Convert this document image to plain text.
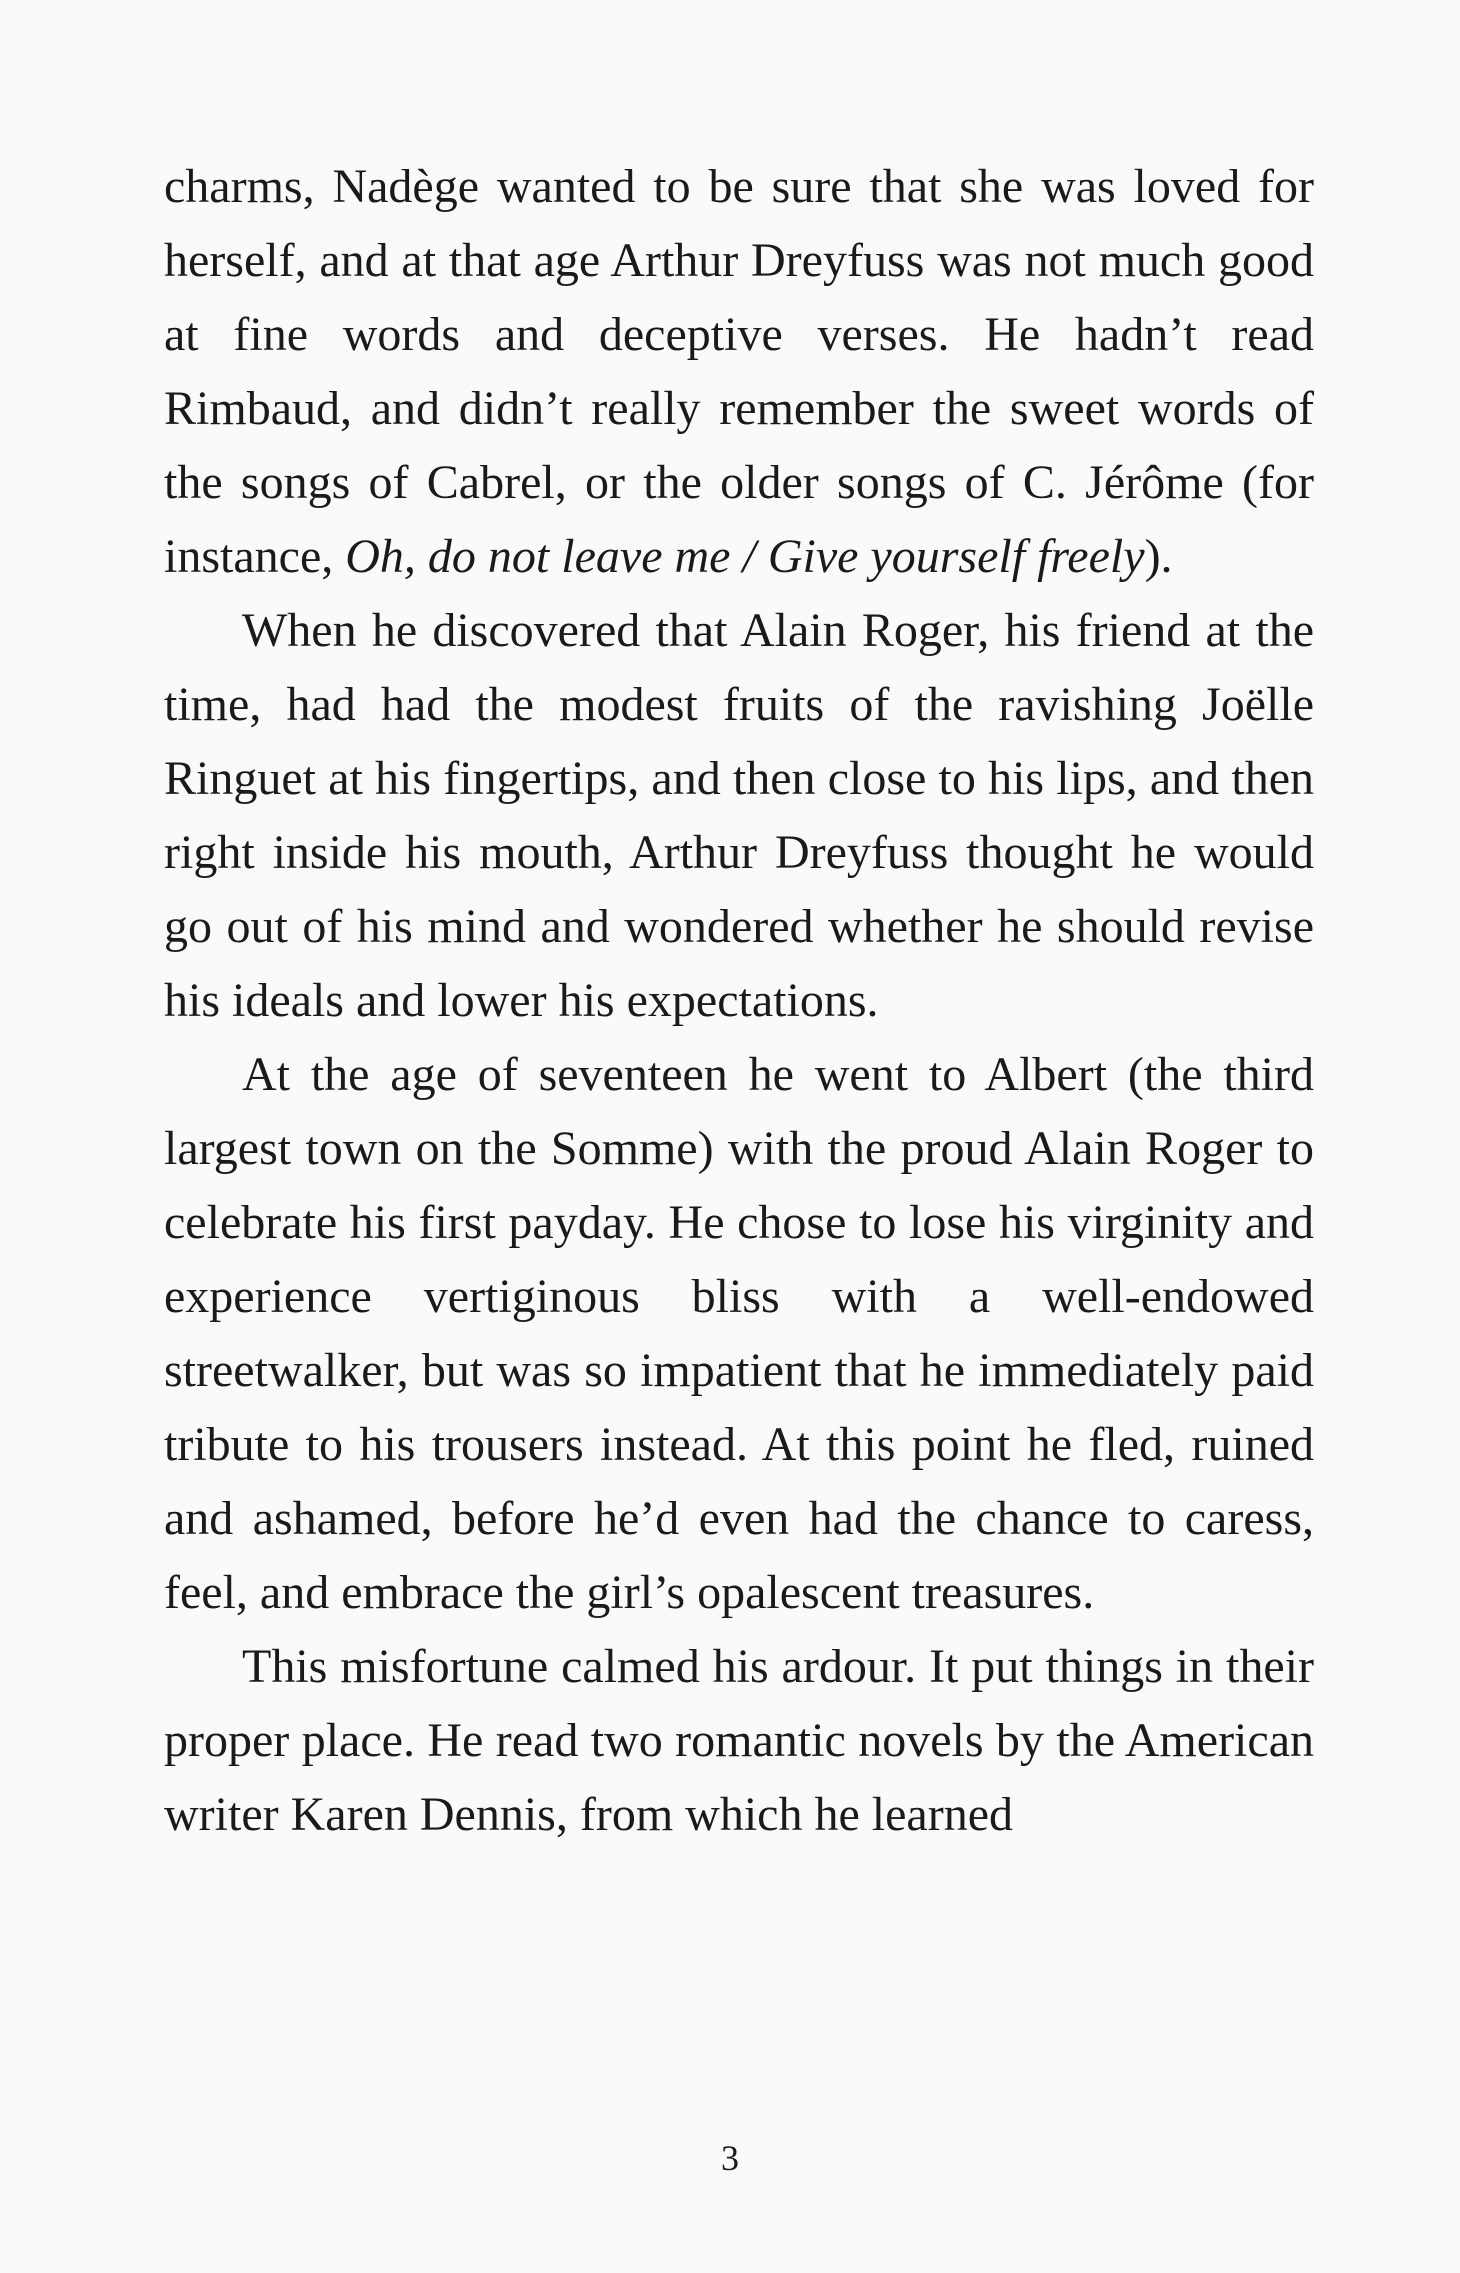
charms, Nadège wanted to be sure that she was loved for herself, and at that age Arthur Dreyfuss was not much good at fine words and deceptive verses. He hadn’t read Rimbaud, and didn’t really remember the sweet words of the songs of Cabrel, or the older songs of C. Jérôme (for instance, Oh, do not leave me / Give yourself freely).

When he discovered that Alain Roger, his friend at the time, had had the modest fruits of the ravishing Joëlle Ringuet at his fingertips, and then close to his lips, and then right inside his mouth, Arthur Dreyfuss thought he would go out of his mind and wondered whether he should revise his ideals and lower his expectations.

At the age of seventeen he went to Albert (the third largest town on the Somme) with the proud Alain Roger to celebrate his first payday. He chose to lose his virginity and experience vertiginous bliss with a well-endowed streetwalker, but was so impatient that he immediately paid tribute to his trousers instead. At this point he fled, ruined and ashamed, before he’d even had the chance to caress, feel, and embrace the girl’s opalescent treasures.

This misfortune calmed his ardour. It put things in their proper place. He read two romantic novels by the American writer Karen Dennis, from which he learned

3
